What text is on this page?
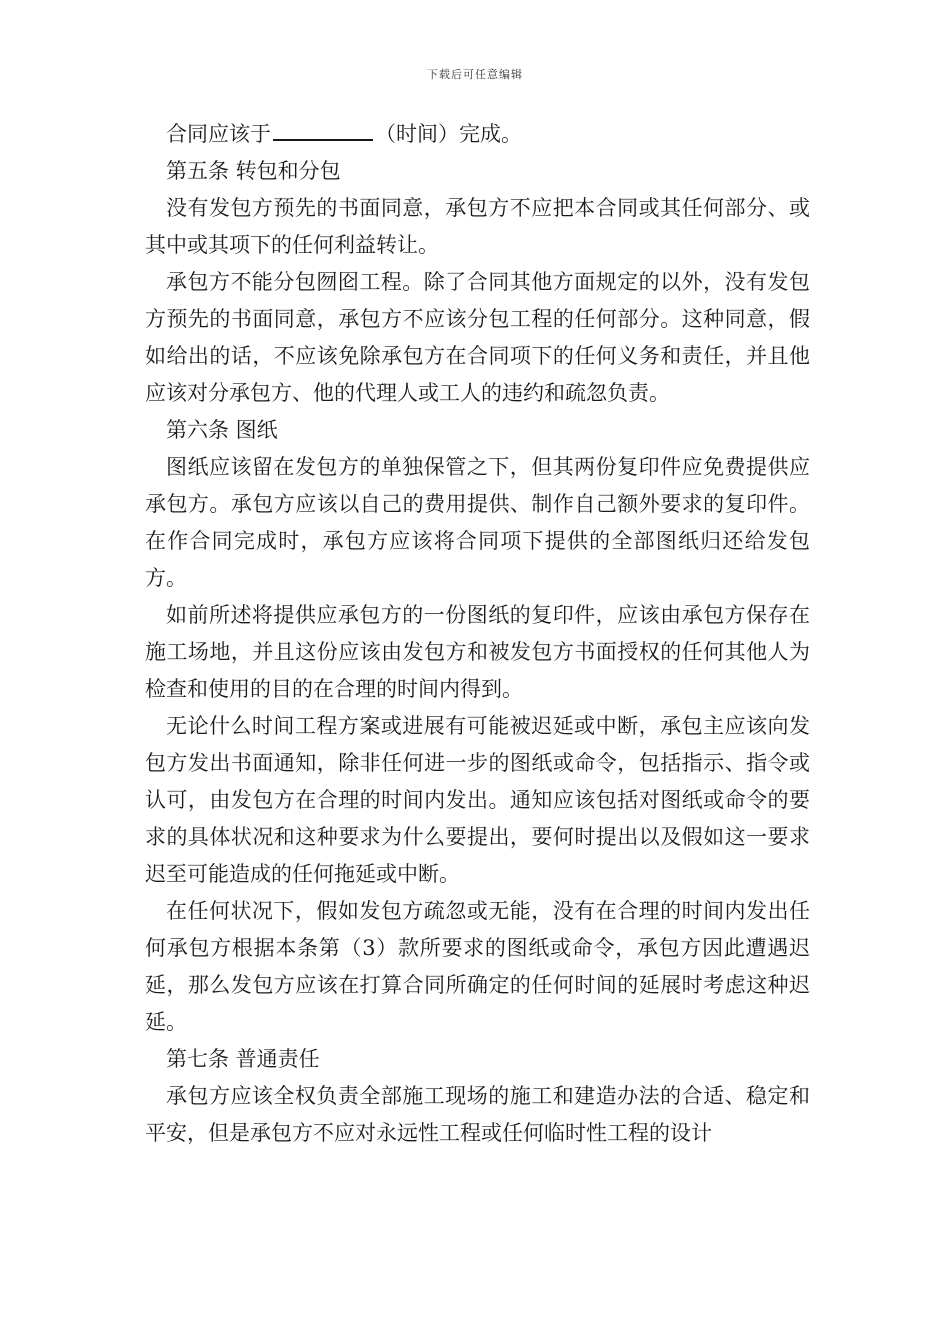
下载后可任意编辑

合同应该于	（时间）完成。

第五条 转包和分包

没有发包方预先的书面同意，承包方不应把本合同或其任何部分、或其中或其项下的任何利益转让。

承包方不能分包囫囵工程。除了合同其他方面规定的以外，没有发包方预先的书面同意，承包方不应该分包工程的任何部分。这种同意，假如给出的话，不应该免除承包方在合同项下的任何义务和责任，并且他应该对分承包方、他的代理人或工人的违约和疏忽负责。

第六条 图纸

图纸应该留在发包方的单独保管之下，但其两份复印件应免费提供应承包方。承包方应该以自己的费用提供、制作自己额外要求的复印件。在作合同完成时，承包方应该将合同项下提供的全部图纸归还给发包方。

如前所述将提供应承包方的一份图纸的复印件，应该由承包方保存在施工场地，并且这份应该由发包方和被发包方书面授权的任何其他人为检查和使用的目的在合理的时间内得到。

无论什么时间工程方案或进展有可能被迟延或中断，承包主应该向发包方发出书面通知，除非任何进一步的图纸或命令，包括指示、指令或认可，由发包方在合理的时间内发出。通知应该包括对图纸或命令的要求的具体状况和这种要求为什么要提出，要何时提出以及假如这一要求迟至可能造成的任何拖延或中断。

在任何状况下，假如发包方疏忽或无能，没有在合理的时间内发出任何承包方根据本条第（3）款所要求的图纸或命令，承包方因此遭遇迟延，那么发包方应该在打算合同所确定的任何时间的延展时考虑这种迟延。

第七条 普通责任

承包方应该全权负责全部施工现场的施工和建造办法的合适、稳定和平安，但是承包方不应对永远性工程或任何临时性工程的设计
